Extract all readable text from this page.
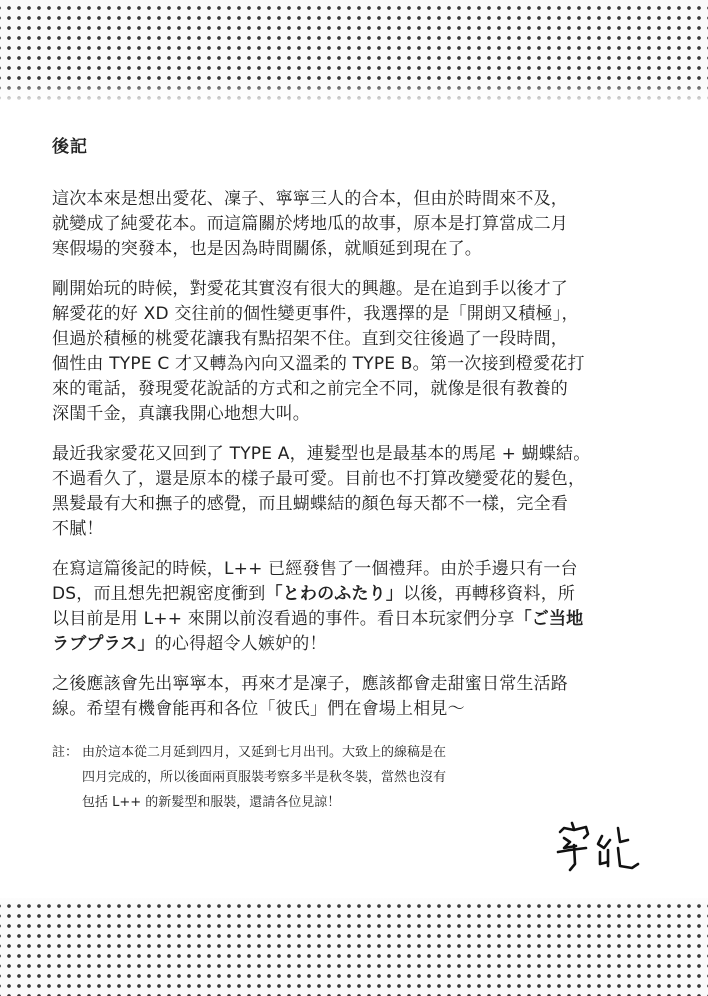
後記
這次本來是想出愛花、凜子、寧寧三人的合本，但由於時間來不及，
就變成了純愛花本。而這篇關於烤地瓜的故事，原本是打算當成二月
寒假場的突發本，也是因為時間關係，就順延到現在了。
剛開始玩的時候，對愛花其實沒有很大的興趣。是在追到手以後才了
解愛花的好 XD 交往前的個性變更事件，我選擇的是「開朗又積極」，
但過於積極的桃愛花讓我有點招架不住。直到交往後過了一段時間，
個性由 TYPE C 才又轉為內向又溫柔的 TYPE B。第一次接到橙愛花打
來的電話，發現愛花說話的方式和之前完全不同，就像是很有教養的
深閨千金，真讓我開心地想大叫。
最近我家愛花又回到了 TYPE A，連髮型也是最基本的馬尾 + 蝴蝶結。
不過看久了，還是原本的樣子最可愛。目前也不打算改變愛花的髮色，
黑髮最有大和撫子的感覺，而且蝴蝶結的顏色每天都不一樣，完全看
不膩！
在寫這篇後記的時候，L++ 已經發售了一個禮拜。由於手邊只有一台
DS，而且想先把親密度衝到「とわのふたり」以後，再轉移資料，所
以目前是用 L++ 來開以前沒看過的事件。看日本玩家們分享「ご当地
ラブプラス」的心得超令人嫉妒的！
之後應該會先出寧寧本，再來才是凜子，應該都會走甜蜜日常生活路
線。希望有機會能再和各位「彼氏」們在會場上相見～
註： 由於這本從二月延到四月，又延到七月出刊。大致上的線稿是在
四月完成的，所以後面兩頁服裝考察多半是秋冬裝，當然也沒有
包括 L++ 的新髮型和服裝，還請各位見諒！
